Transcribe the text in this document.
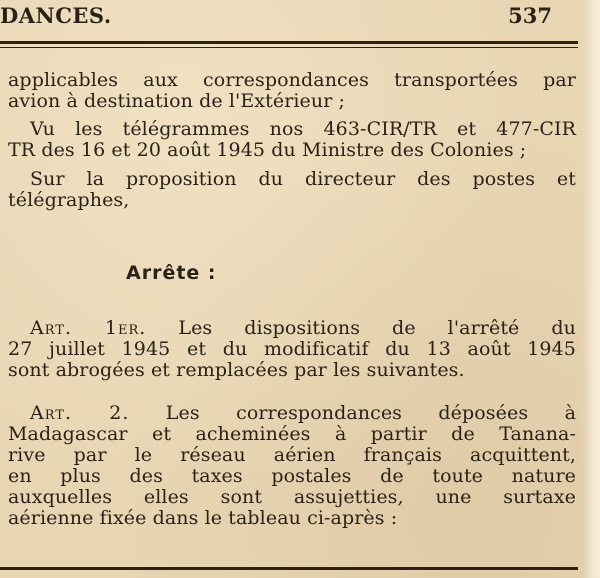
DANCES.	537
applicables aux correspondances transportées par
avion à destination de l'Extérieur ;
Vu les télégrammes nos 463-CIR/TR et 477-CIR
TR des 16 et 20 août 1945 du Ministre des Colonies ;
Sur la proposition du directeur des postes et
télégraphes,
Arrête :
Art. 1er. Les dispositions de l'arrêté du
27 juillet 1945 et du modificatif du 13 août 1945
sont abrogées et remplacées par les suivantes.
Art. 2. Les correspondances déposées à
Madagascar et acheminées à partir de Tanana-
rive par le réseau aérien français acquittent,
en plus des taxes postales de toute nature
auxquelles elles sont assujetties, une surtaxe
aérienne fixée dans le tableau ci-après :
